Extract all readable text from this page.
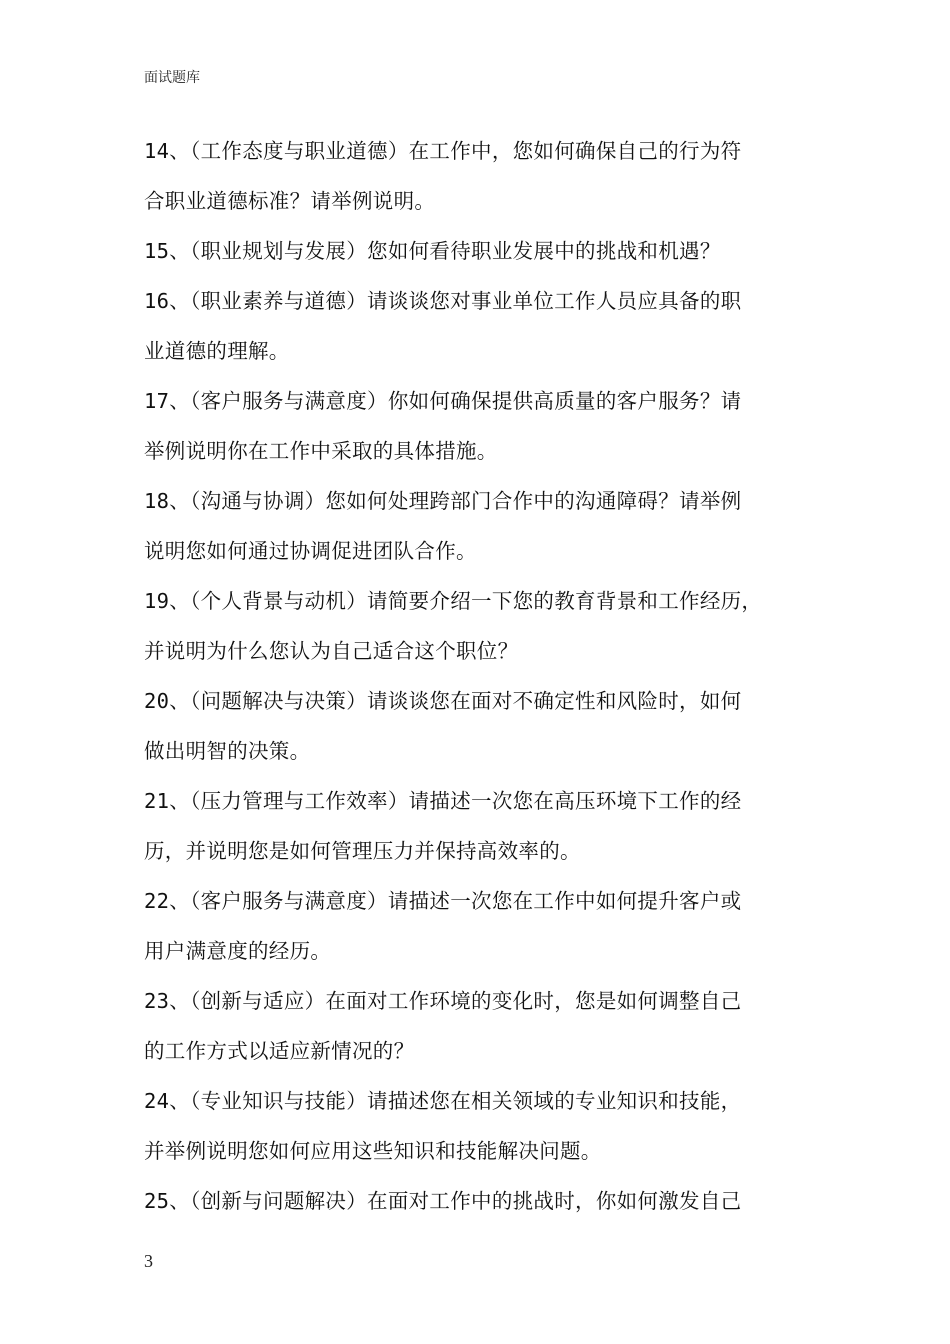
面试题库
14、（工作态度与职业道德）在工作中，您如何确保自己的行为符
合职业道德标准？请举例说明。
15、（职业规划与发展）您如何看待职业发展中的挑战和机遇？
16、（职业素养与道德）请谈谈您对事业单位工作人员应具备的职
业道德的理解。
17、（客户服务与满意度）你如何确保提供高质量的客户服务？请
举例说明你在工作中采取的具体措施。
18、（沟通与协调）您如何处理跨部门合作中的沟通障碍？请举例
说明您如何通过协调促进团队合作。
19、（个人背景与动机）请简要介绍一下您的教育背景和工作经历，
并说明为什么您认为自己适合这个职位？
20、（问题解决与决策）请谈谈您在面对不确定性和风险时，如何
做出明智的决策。
21、（压力管理与工作效率）请描述一次您在高压环境下工作的经
历，并说明您是如何管理压力并保持高效率的。
22、（客户服务与满意度）请描述一次您在工作中如何提升客户或
用户满意度的经历。
23、（创新与适应）在面对工作环境的变化时，您是如何调整自己
的工作方式以适应新情况的？
24、（专业知识与技能）请描述您在相关领域的专业知识和技能，
并举例说明您如何应用这些知识和技能解决问题。
25、（创新与问题解决）在面对工作中的挑战时，你如何激发自己
3
